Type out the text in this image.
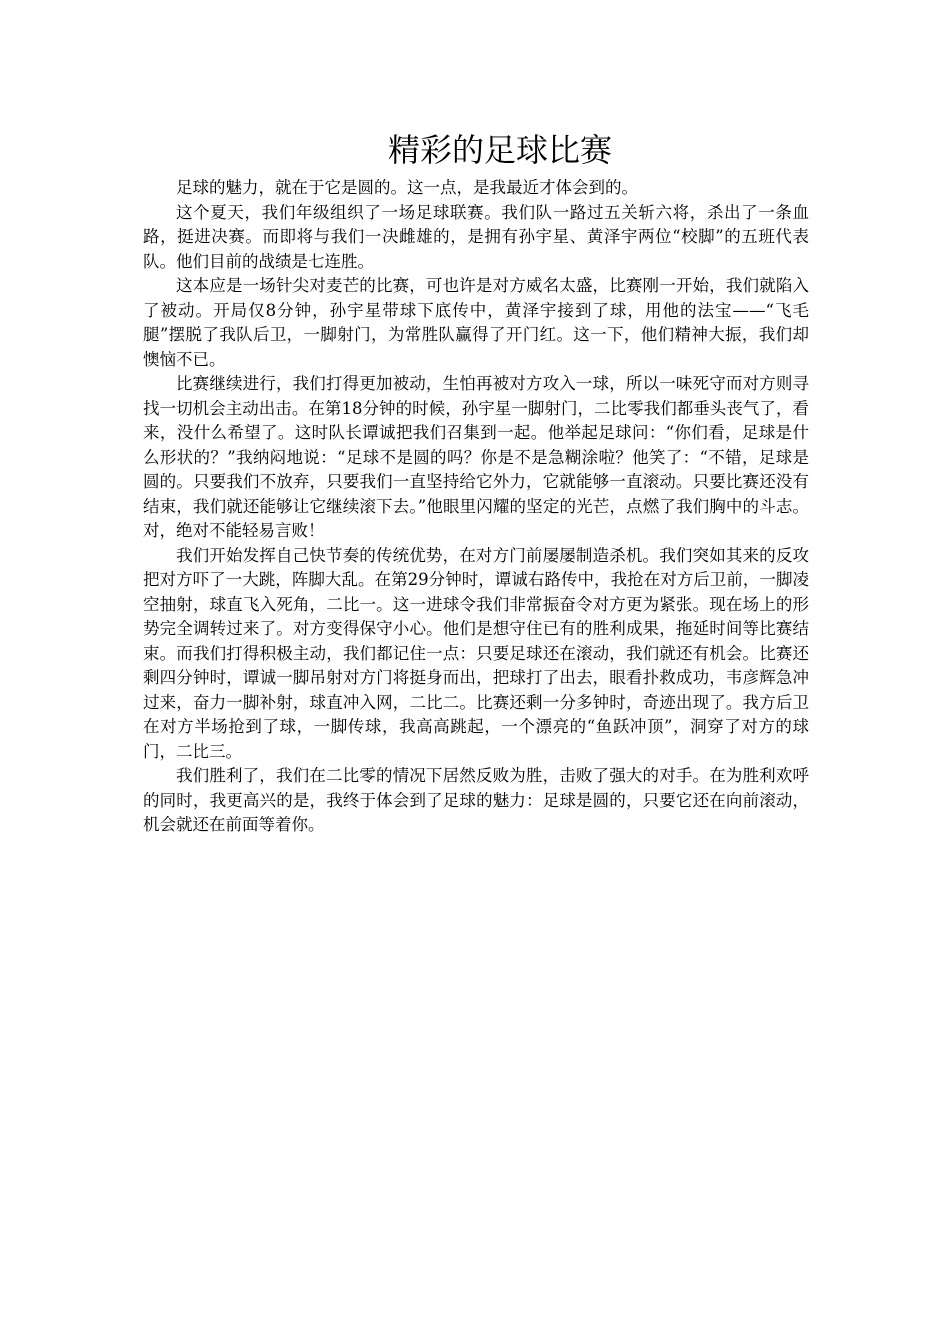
精彩的足球比赛

足球的魅力，就在于它是圆的。这一点，是我最近才体会到的。

这个夏天，我们年级组织了一场足球联赛。我们队一路过五关斩六将，杀出了一条血路，挺进决赛。而即将与我们一决雌雄的，是拥有孙宇星、黄泽宇两位“校脚”的五班代表队。他们目前的战绩是七连胜。

这本应是一场针尖对麦芒的比赛，可也许是对方威名太盛，比赛刚一开始，我们就陷入了被动。开局仅8分钟，孙宇星带球下底传中，黄泽宇接到了球，用他的法宝——“飞毛腿”摆脱了我队后卫，一脚射门，为常胜队赢得了开门红。这一下，他们精神大振，我们却懊恼不已。

比赛继续进行，我们打得更加被动，生怕再被对方攻入一球，所以一味死守而对方则寻找一切机会主动出击。在第18分钟的时候，孙宇星一脚射门，二比零我们都垂头丧气了，看来，没什么希望了。这时队长谭诚把我们召集到一起。他举起足球问：“你们看，足球是什么形状的？”我纳闷地说：“足球不是圆的吗？你是不是急糊涂啦？他笑了：“不错，足球是圆的。只要我们不放弃，只要我们一直坚持给它外力，它就能够一直滚动。只要比赛还没有结束，我们就还能够让它继续滚下去。”他眼里闪耀的坚定的光芒，点燃了我们胸中的斗志。对，绝对不能轻易言败！

我们开始发挥自己快节奏的传统优势，在对方门前屡屡制造杀机。我们突如其来的反攻把对方吓了一大跳，阵脚大乱。在第29分钟时，谭诚右路传中，我抢在对方后卫前，一脚凌空抽射，球直飞入死角，二比一。这一进球令我们非常振奋令对方更为紧张。现在场上的形势完全调转过来了。对方变得保守小心。他们是想守住已有的胜利成果，拖延时间等比赛结束。而我们打得积极主动，我们都记住一点：只要足球还在滚动，我们就还有机会。比赛还剩四分钟时，谭诚一脚吊射对方门将挺身而出，把球打了出去，眼看扑救成功，韦彦辉急冲过来，奋力一脚补射，球直冲入网，二比二。比赛还剩一分多钟时，奇迹出现了。我方后卫在对方半场抢到了球，一脚传球，我高高跳起，一个漂亮的“鱼跃冲顶”，洞穿了对方的球门，二比三。

我们胜利了，我们在二比零的情况下居然反败为胜，击败了强大的对手。在为胜利欢呼的同时，我更高兴的是，我终于体会到了足球的魅力：足球是圆的，只要它还在向前滚动，机会就还在前面等着你。
